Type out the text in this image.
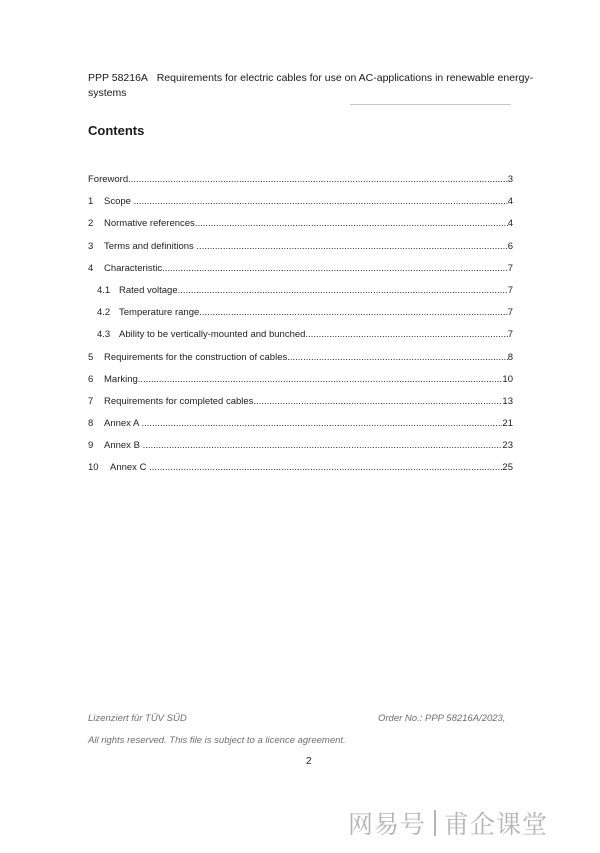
PPP 58216A Requirements for electric cables for use on AC-applications in renewable energy-
systems
Contents
Foreword .....	3
1	Scope .....	4
2	Normative references .....	4
3	Terms and definitions .....	6
4	Characteristic .....	7
4.1 Rated voltage .....	7
4.2 Temperature range .....	7
4.3 Ability to be vertically-mounted and bunched .....	7
5	Requirements for the construction of cables .....	8
6	Marking .....	10
7	Requirements for completed cables .....	13
8	Annex A .....	21
9	Annex B .....	23
10	Annex C .....	25
Lizenziert für TÜV SÜD	Order No.: PPP 58216A/2023,
All rights reserved. This file is subject to a licence agreement.
2
网易号 甫企课堂
